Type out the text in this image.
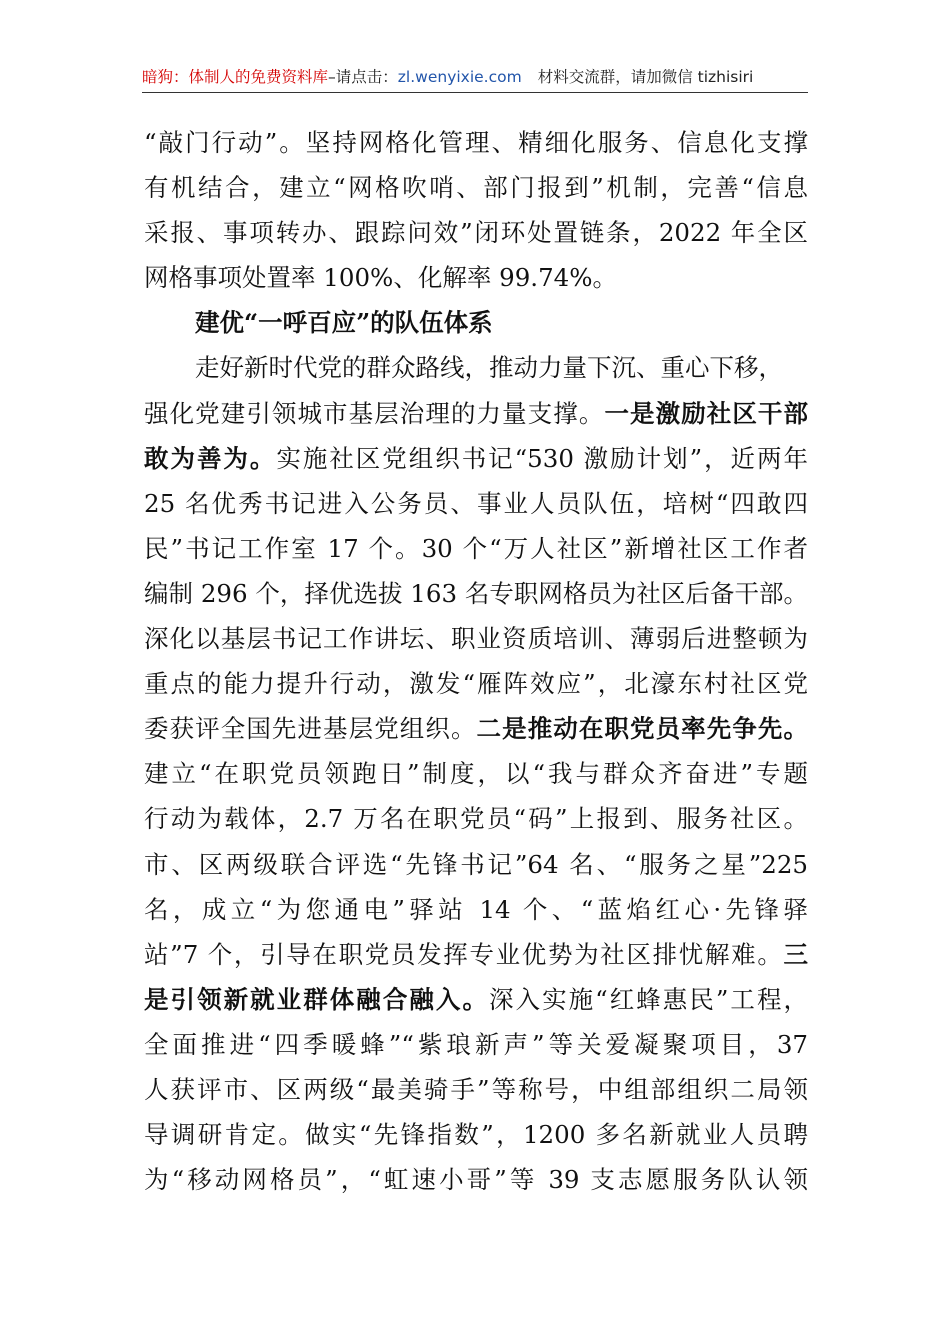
暗狗：体制人的免费资料库–请点击：zl.wenyixie.com 材料交流群，请加微信 tizhisiri
“敲门行动”。坚持网格化管理、精细化服务、信息化支撑
有机结合，建立“网格吹哨、部门报到”机制，完善“信息
采报、事项转办、跟踪问效”闭环处置链条，2022 年全区
网格事项处置率 100%、化解率 99.74%。
建优“一呼百应”的队伍体系
走好新时代党的群众路线，推动力量下沉、重心下移，
强化党建引领城市基层治理的力量支撑。一是激励社区干部
敢为善为。实施社区党组织书记“530 激励计划”，近两年
25 名优秀书记进入公务员、事业人员队伍，培树“四敢四
民”书记工作室 17 个。30 个“万人社区”新增社区工作者
编制 296 个，择优选拔 163 名专职网格员为社区后备干部。
深化以基层书记工作讲坛、职业资质培训、薄弱后进整顿为
重点的能力提升行动，激发“雁阵效应”，北濠东村社区党
委获评全国先进基层党组织。二是推动在职党员率先争先。
建立“在职党员领跑日”制度，以“我与群众齐奋进”专题
行动为载体，2.7 万名在职党员“码”上报到、服务社区。
市、区两级联合评选“先锋书记”64 名、“服务之星”225
名，成立“为您通电”驿站 14 个、“蓝焰红心·先锋驿
站”7 个，引导在职党员发挥专业优势为社区排忧解难。三
是引领新就业群体融合融入。深入实施“红蜂惠民”工程，
全面推进“四季暖蜂”“紫琅新声”等关爱凝聚项目，37
人获评市、区两级“最美骑手”等称号，中组部组织二局领
导调研肯定。做实“先锋指数”，1200 多名新就业人员聘
为“移动网格员”，“虹速小哥”等 39 支志愿服务队认领
